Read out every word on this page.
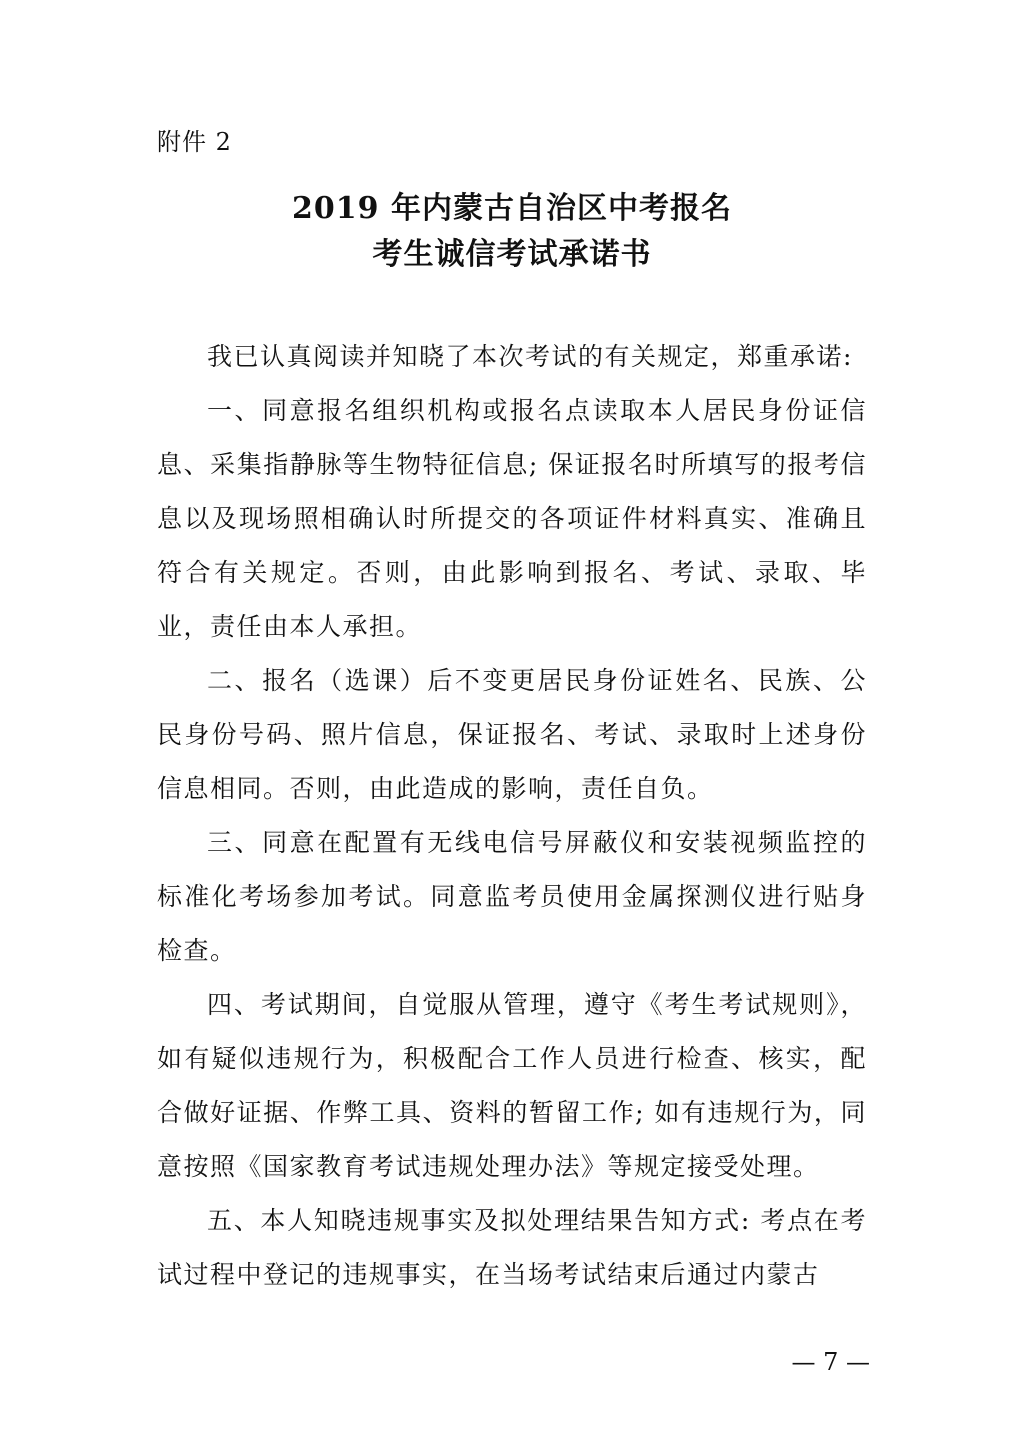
附件 2
2019 年内蒙古自治区中考报名
考生诚信考试承诺书

我已认真阅读并知晓了本次考试的有关规定，郑重承诺:

一、同意报名组织机构或报名点读取本人居民身份证信息、采集指静脉等生物特征信息; 保证报名时所填写的报考信息以及现场照相确认时所提交的各项证件材料真实、准确且符合有关规定。否则，由此影响到报名、考试、录取、毕业，责任由本人承担。

二、报名（选课）后不变更居民身份证姓名、民族、公民身份号码、照片信息，保证报名、考试、录取时上述身份信息相同。否则，由此造成的影响，责任自负。

三、同意在配置有无线电信号屏蔽仪和安装视频监控的标准化考场参加考试。同意监考员使用金属探测仪进行贴身检查。

四、考试期间，自觉服从管理，遵守《考生考试规则》，如有疑似违规行为，积极配合工作人员进行检查、核实，配合做好证据、作弊工具、资料的暂留工作; 如有违规行为，同意按照《国家教育考试违规处理办法》等规定接受处理。

五、本人知晓违规事实及拟处理结果告知方式: 考点在考试过程中登记的违规事实，在当场考试结束后通过内蒙古

— 7 —
